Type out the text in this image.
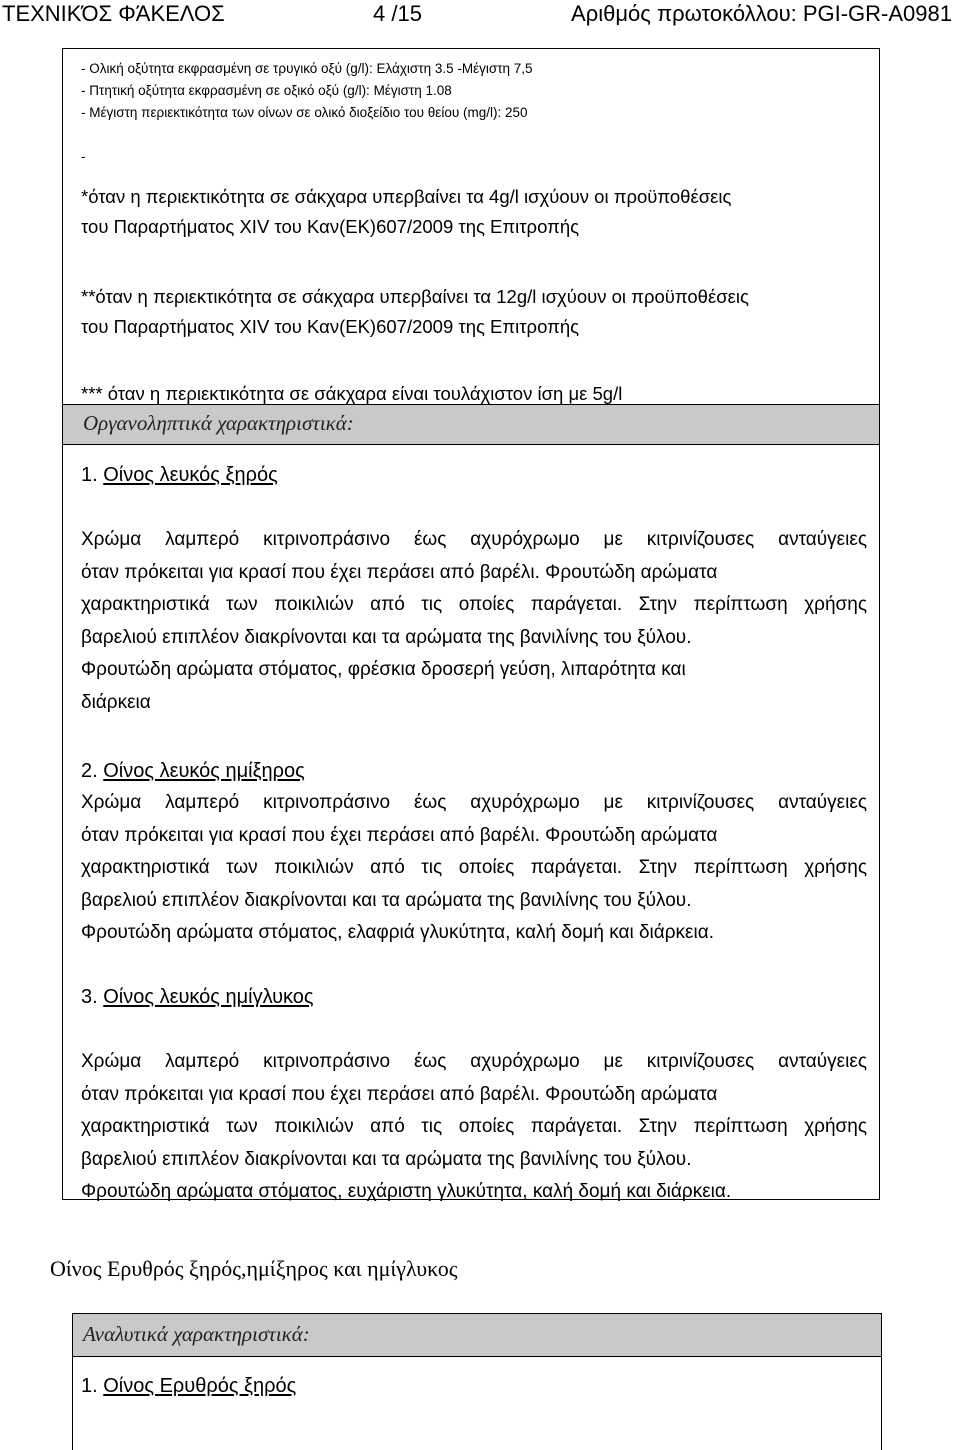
ΤΕΧΝΙΚΌΣ ΦΆΚΕΛΟΣ	4 /15	Αριθμός πρωτοκόλλου: PGI-GR-A0981
- Ολική οξύτητα εκφρασμένη σε τρυγικό οξύ (g/l): Ελάχιστη 3.5 -Μέγιστη 7,5
- Πτητική οξύτητα εκφρασμένη σε οξικό οξύ (g/l): Μέγιστη 1.08
- Μέγιστη περιεκτικότητα των οίνων σε ολικό διοξείδιο του θείου (mg/l): 250
-
*όταν η περιεκτικότητα σε σάκχαρα υπερβαίνει τα 4g/l ισχύουν οι προϋποθέσεις
του Παραρτήματος XIV του Καν(ΕΚ)607/2009 της Επιτροπής
**όταν η περιεκτικότητα σε σάκχαρα υπερβαίνει τα 12g/l ισχύουν οι προϋποθέσεις
του Παραρτήματος XIV του Καν(ΕΚ)607/2009 της Επιτροπής
*** όταν η περιεκτικότητα σε σάκχαρα είναι τουλάχιστον ίση με 5g/l
Οργανοληπτικά χαρακτηριστικά:
1. Οίνος λευκός ξηρός
Χρώμα λαμπερό κιτρινοπράσινο έως αχυρόχρωμο με κιτρινίζουσες ανταύγειες
όταν πρόκειται για κρασί που έχει περάσει από βαρέλι. Φρουτώδη αρώματα
χαρακτηριστικά των ποικιλιών από τις οποίες παράγεται. Στην περίπτωση χρήσης
βαρελιού επιπλέον διακρίνονται και τα αρώματα της βανιλίνης του ξύλου.
Φρουτώδη αρώματα στόματος, φρέσκια δροσερή γεύση, λιπαρότητα και
διάρκεια
2. Οίνος λευκός ημίξηρος
Χρώμα λαμπερό κιτρινοπράσινο έως αχυρόχρωμο με κιτρινίζουσες ανταύγειες
όταν πρόκειται για κρασί που έχει περάσει από βαρέλι. Φρουτώδη αρώματα
χαρακτηριστικά των ποικιλιών από τις οποίες παράγεται. Στην περίπτωση χρήσης
βαρελιού επιπλέον διακρίνονται και τα αρώματα της βανιλίνης του ξύλου.
Φρουτώδη αρώματα στόματος, ελαφριά γλυκύτητα, καλή δομή και διάρκεια.
3. Οίνος λευκός ημίγλυκος
Χρώμα λαμπερό κιτρινοπράσινο έως αχυρόχρωμο με κιτρινίζουσες ανταύγειες
όταν πρόκειται για κρασί που έχει περάσει από βαρέλι. Φρουτώδη αρώματα
χαρακτηριστικά των ποικιλιών από τις οποίες παράγεται. Στην περίπτωση χρήσης
βαρελιού επιπλέον διακρίνονται και τα αρώματα της βανιλίνης του ξύλου.
Φρουτώδη αρώματα στόματος, ευχάριστη γλυκύτητα, καλή δομή και διάρκεια.
Οίνος Ερυθρός ξηρός,ημίξηρος και ημίγλυκος
Αναλυτικά χαρακτηριστικά:
1. Οίνος Ερυθρός ξηρός
